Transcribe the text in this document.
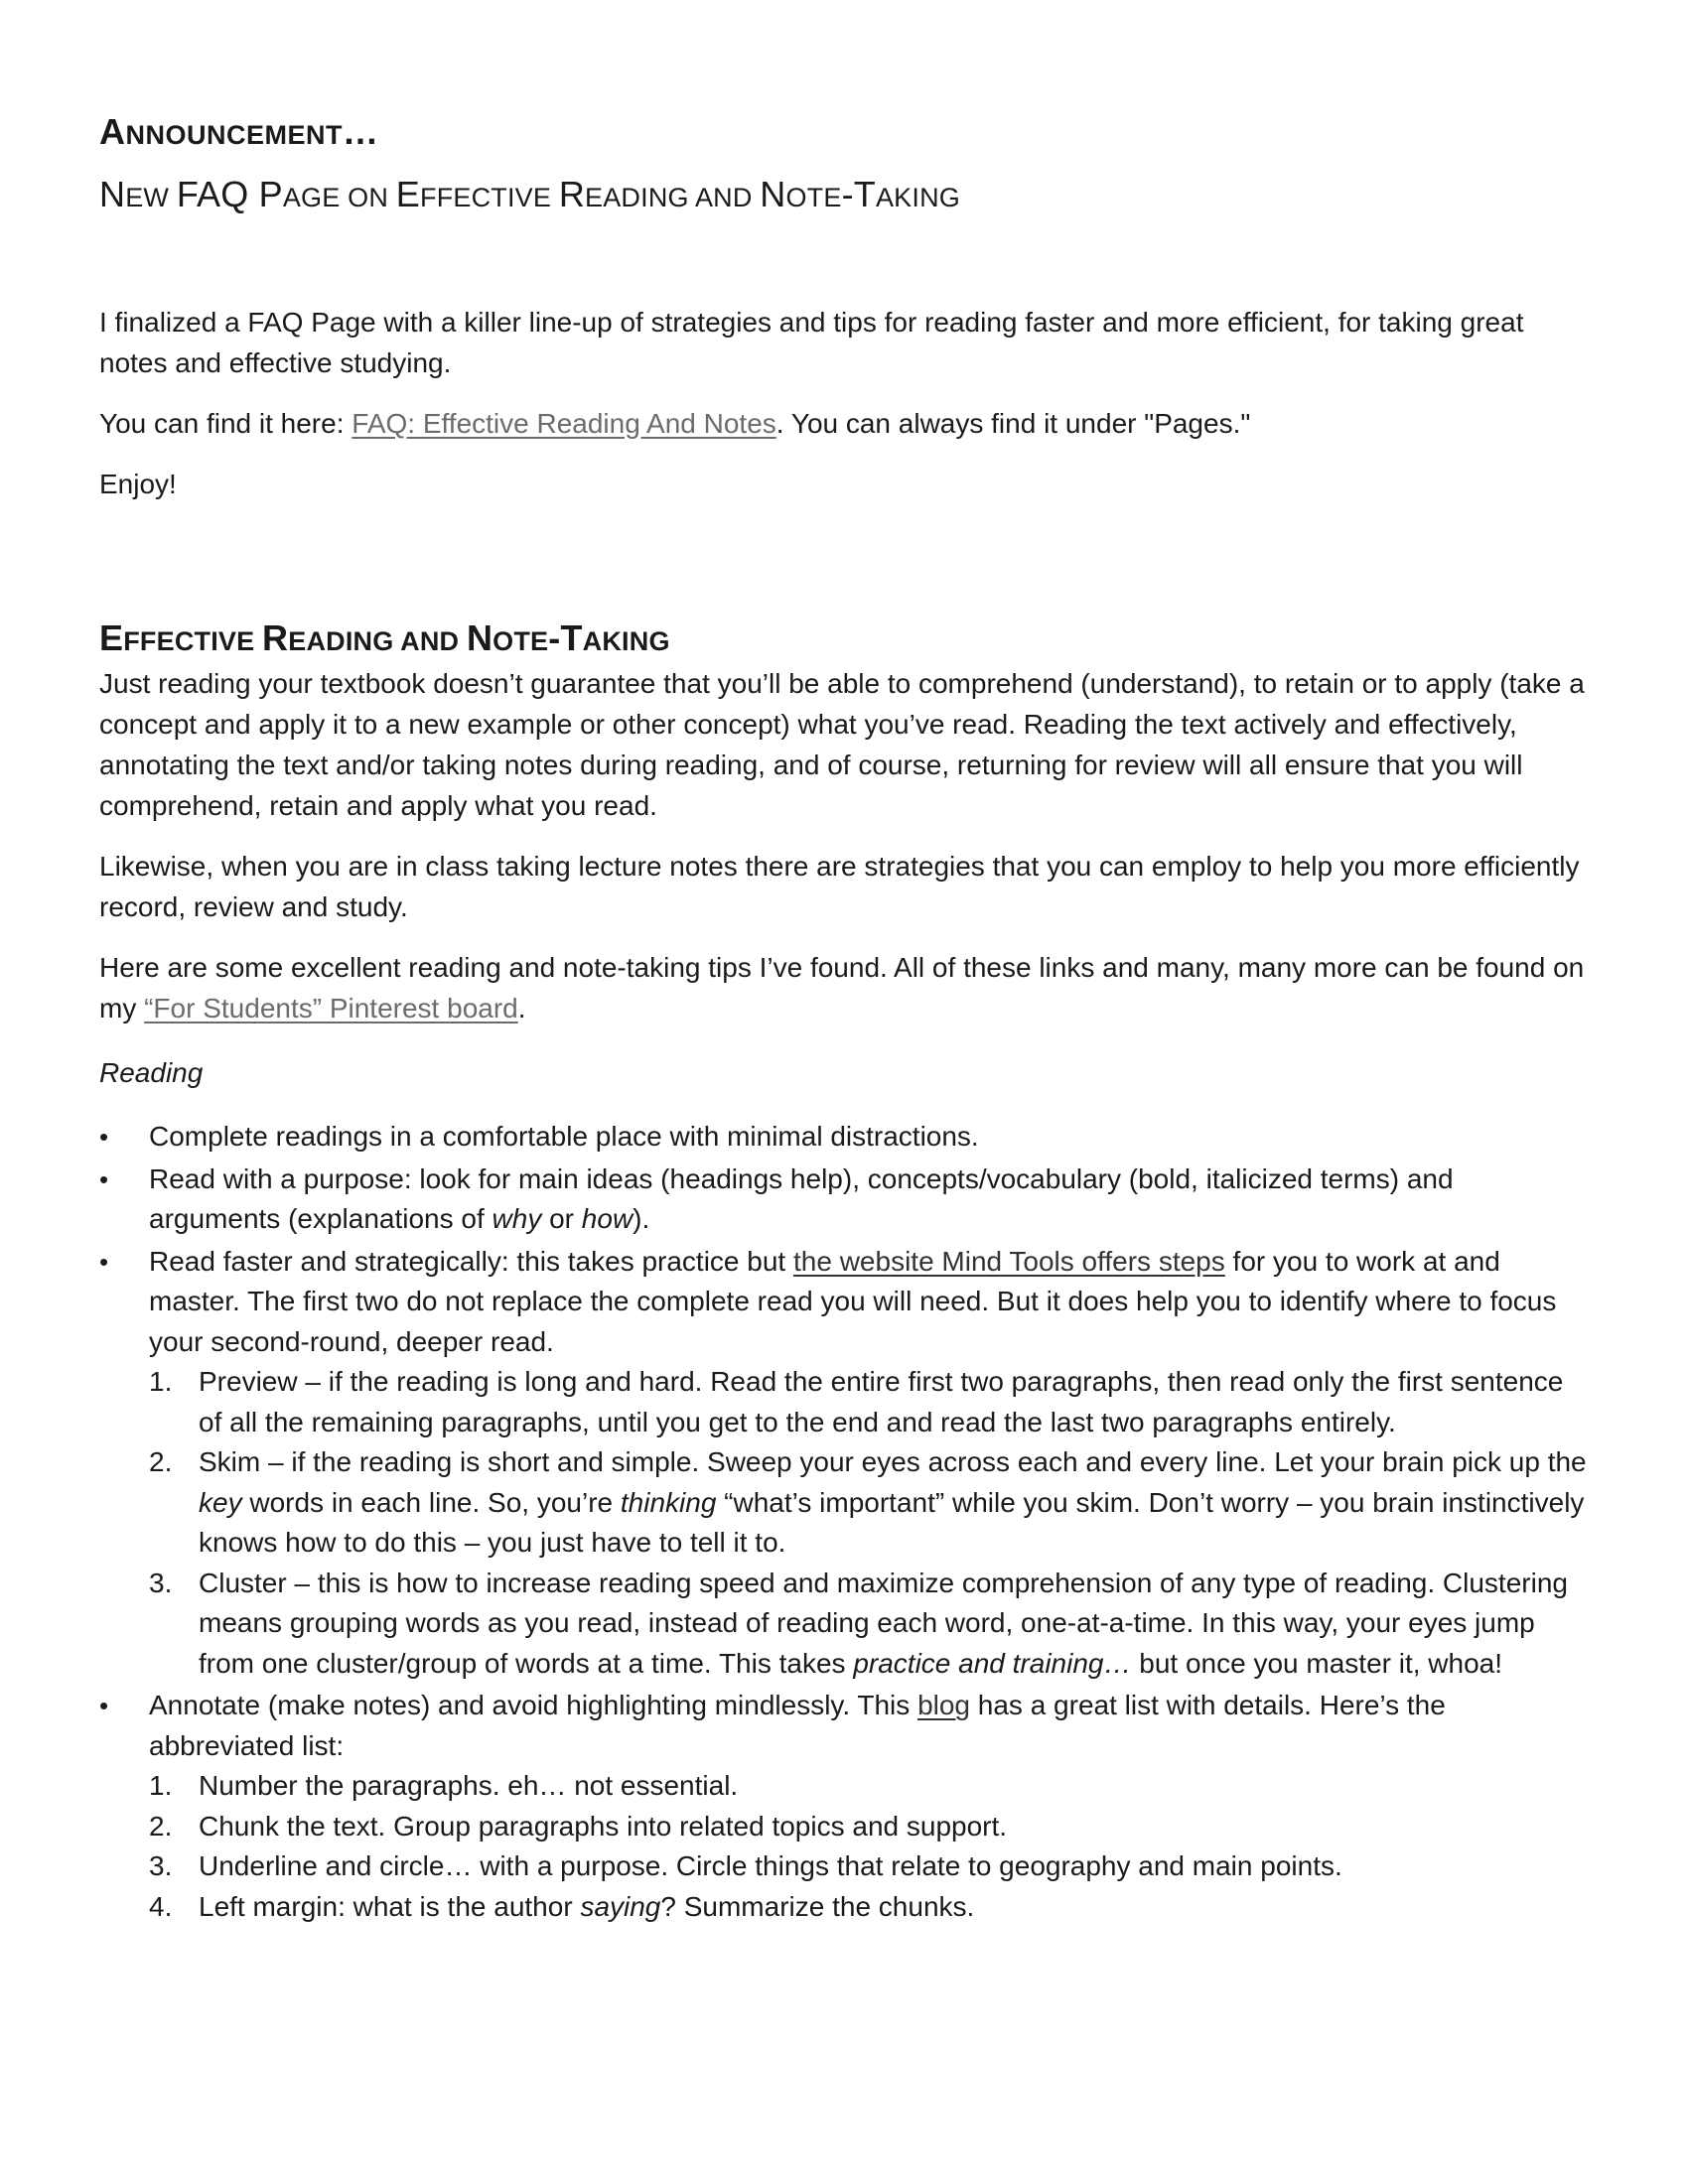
ANNOUNCEMENT…
NEW FAQ PAGE ON EFFECTIVE READING AND NOTE-TAKING

I finalized a FAQ Page with a killer line-up of strategies and tips for reading faster and more efficient, for taking great notes and effective studying.

You can find it here: FAQ: Effective Reading And Notes. You can always find it under "Pages."

Enjoy!

EFFECTIVE READING AND NOTE-TAKING

Just reading your textbook doesn’t guarantee that you’ll be able to comprehend (understand), to retain or to apply (take a concept and apply it to a new example or other concept) what you’ve read. Reading the text actively and effectively, annotating the text and/or taking notes during reading, and of course, returning for review will all ensure that you will comprehend, retain and apply what you read.

Likewise, when you are in class taking lecture notes there are strategies that you can employ to help you more efficiently record, review and study.

Here are some excellent reading and note-taking tips I’ve found. All of these links and many, many more can be found on my “For Students” Pinterest board.

Reading
• Complete readings in a comfortable place with minimal distractions.
• Read with a purpose: look for main ideas (headings help), concepts/vocabulary (bold, italicized terms) and arguments (explanations of why or how).
• Read faster and strategically: this takes practice but the website Mind Tools offers steps for you to work at and master. The first two do not replace the complete read you will need. But it does help you to identify where to focus your second-round, deeper read.
1. Preview – if the reading is long and hard. Read the entire first two paragraphs, then read only the first sentence of all the remaining paragraphs, until you get to the end and read the last two paragraphs entirely.
2. Skim – if the reading is short and simple. Sweep your eyes across each and every line. Let your brain pick up the key words in each line. So, you’re thinking “what’s important” while you skim. Don’t worry – you brain instinctively knows how to do this – you just have to tell it to.
3. Cluster – this is how to increase reading speed and maximize comprehension of any type of reading. Clustering means grouping words as you read, instead of reading each word, one-at-a-time. In this way, your eyes jump from one cluster/group of words at a time. This takes practice and training… but once you master it, whoa!
• Annotate (make notes) and avoid highlighting mindlessly. This blog has a great list with details. Here’s the abbreviated list:
1. Number the paragraphs. eh… not essential.
2. Chunk the text. Group paragraphs into related topics and support.
3. Underline and circle… with a purpose. Circle things that relate to geography and main points.
4. Left margin: what is the author saying? Summarize the chunks.
